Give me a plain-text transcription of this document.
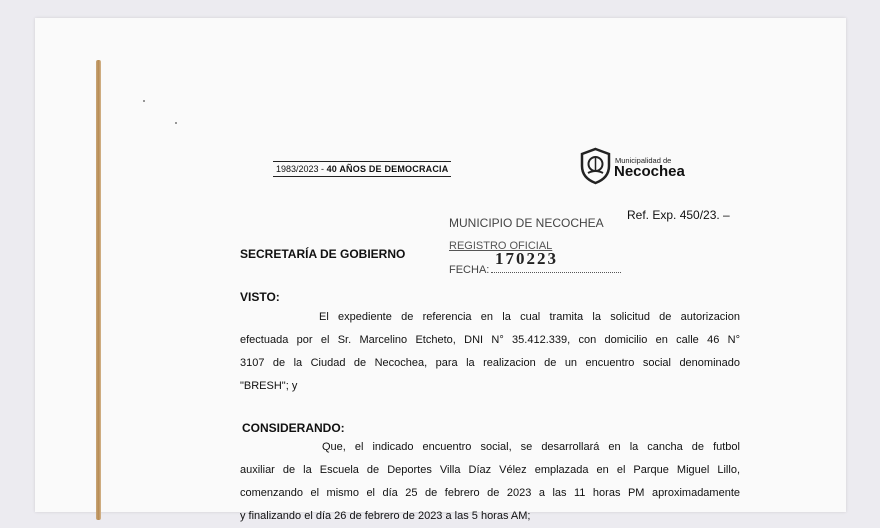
1983/2023 - 40 AÑOS DE DEMOCRACIA
Municipalidad de
Necochea
MUNICIPIO DE NECOCHEA
Ref. Exp. 450/23. –
SECRETARÍA DE GOBIERNO
REGISTRO OFICIAL
170223
FECHA:
VISTO:
El expediente de referencia en la cual tramita la solicitud de autorizacion
efectuada por el Sr. Marcelino Etcheto, DNI N° 35.412.339, con domicilio en calle 46 N°
3107 de la Ciudad de Necochea, para la realizacion de un encuentro social denominado
"BRESH"; y
CONSIDERANDO:
Que, el indicado encuentro social, se desarrollará en la cancha de futbol
auxiliar de la Escuela de Deportes Villa Díaz Vélez emplazada en el Parque Miguel Lillo,
comenzando el mismo el día 25 de febrero de 2023 a las 11 horas PM aproximadamente
y finalizando el día 26 de febrero de 2023 a las 5 horas AM;
